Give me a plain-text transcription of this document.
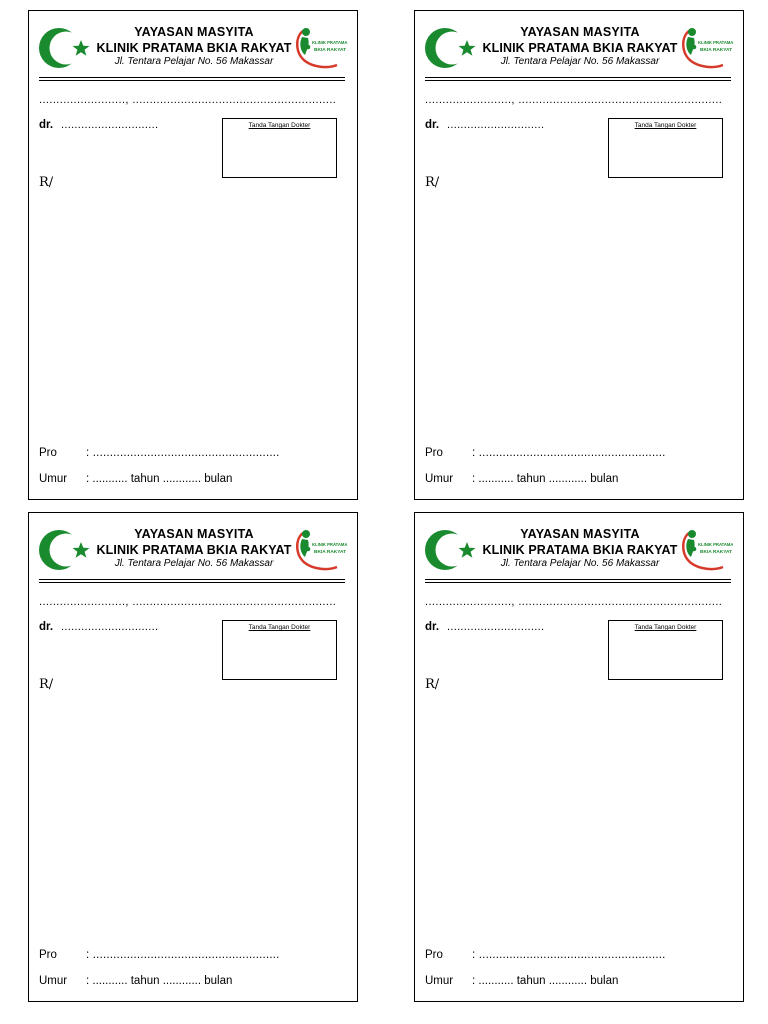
YAYASAN MASYITA
KLINIK PRATAMA BKIA RAKYAT
Jl. Tentara Pelajar No. 56 Makassar
KLINIK PRATAMA
BKIA RAKYAT
........................., ...........................................................
dr. .............................	Tanda Tangan Dokter
R/
Pro	: .......................................................
Umur : ........... tahun ............ bulan
YAYASAN MASYITA
KLINIK PRATAMA BKIA RAKYAT
Jl. Tentara Pelajar No. 56 Makassar
KLINIK PRATAMA
BKIA RAKYAT
........................., ...........................................................
dr. .............................	Tanda Tangan Dokter
R/
Pro	: .......................................................
Umur : ........... tahun ............ bulan
YAYASAN MASYITA
KLINIK PRATAMA BKIA RAKYAT
Jl. Tentara Pelajar No. 56 Makassar
KLINIK PRATAMA
BKIA RAKYAT
........................., ...........................................................
dr. .............................	Tanda Tangan Dokter
R/
Pro	: .......................................................
Umur : ........... tahun ............ bulan
YAYASAN MASYITA
KLINIK PRATAMA BKIA RAKYAT
Jl. Tentara Pelajar No. 56 Makassar
KLINIK PRATAMA
BKIA RAKYAT
........................., ...........................................................
dr. .............................	Tanda Tangan Dokter
R/
Pro	: .......................................................
Umur : ........... tahun ............ bulan
